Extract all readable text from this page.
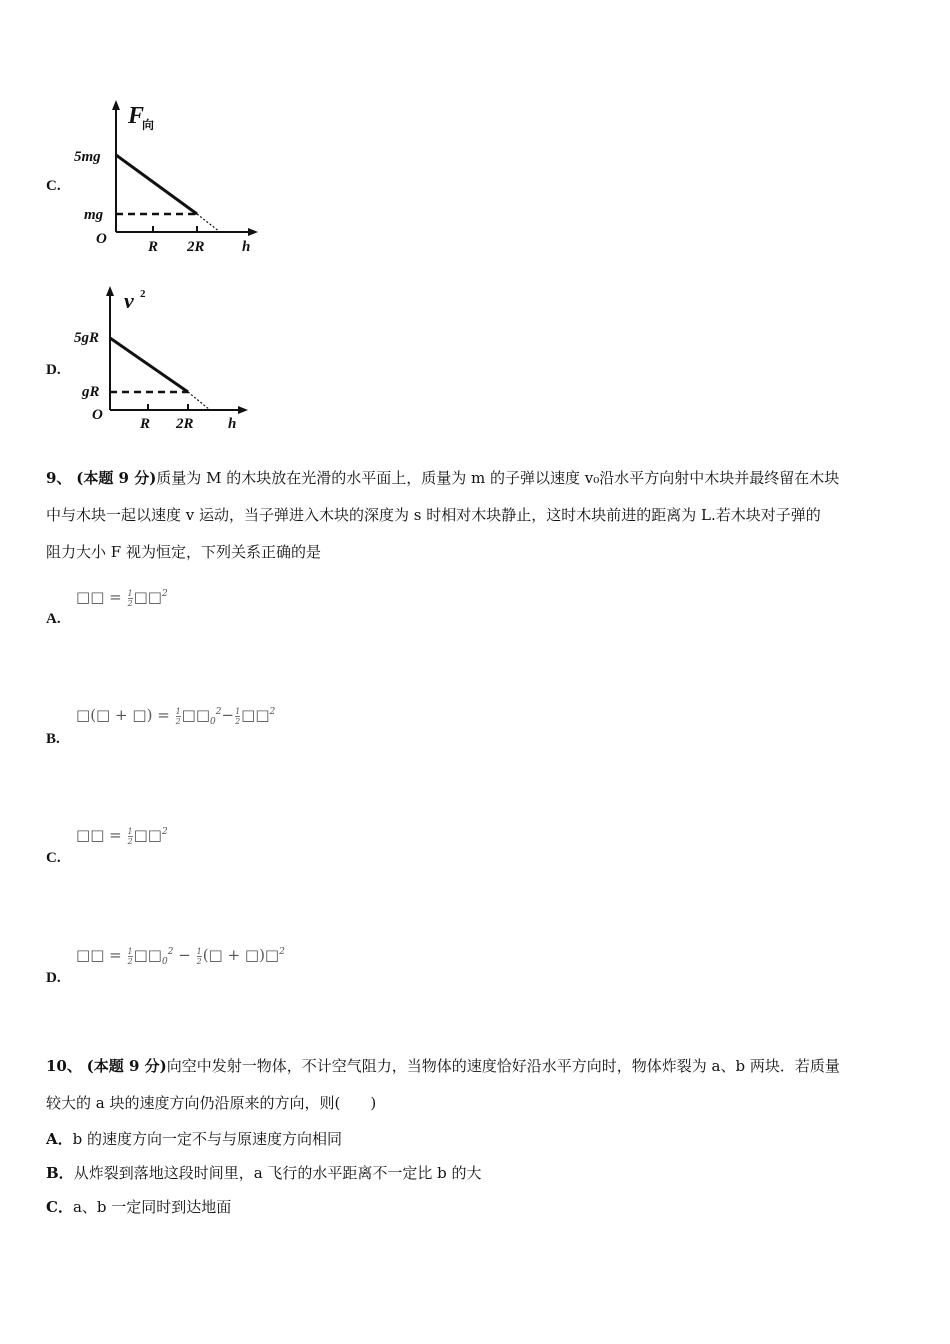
C.
F
向
5mg
mg
O	R 2R h
D.
v 2
5gR
gR
O
R 2R h
9、 (本题 9 分)质量为 M 的木块放在光滑的水平面上，质量为 m 的子弹以速度 v₀沿水平方向射中木块并最终留在木块
中与木块一起以速度 v 运动，当子弹进入木块的深度为 s 时相对木块静止，这时木块前进的距离为 L.若木块对子弹的
阻力大小 F 视为恒定，下列关系正确的是
□□ = $\frac{1}{2}$ □□$^2$
A.
□(□ + □) = $\frac{1}{2}$ $□□_0^2- \frac{1}{2}$ □□$^2$
B.
□□ = $\frac{1}{2}$ □□$^2$
C.
□□ = $\frac{1}{2}$ $□□_0^2 - \frac{1}{2}$ (□ + □)□$^2$
D.
10、 (本题 9 分)向空中发射一物体，不计空气阻力，当物体的速度恰好沿水平方向时，物体炸裂为 a、b 两块．若质量
较大的 a 块的速度方向仍沿原来的方向，则(　　)
A．b 的速度方向一定不与与原速度方向相同
B．从炸裂到落地这段时间里，a 飞行的水平距离不一定比 b 的大
C．a、b 一定同时到达地面
